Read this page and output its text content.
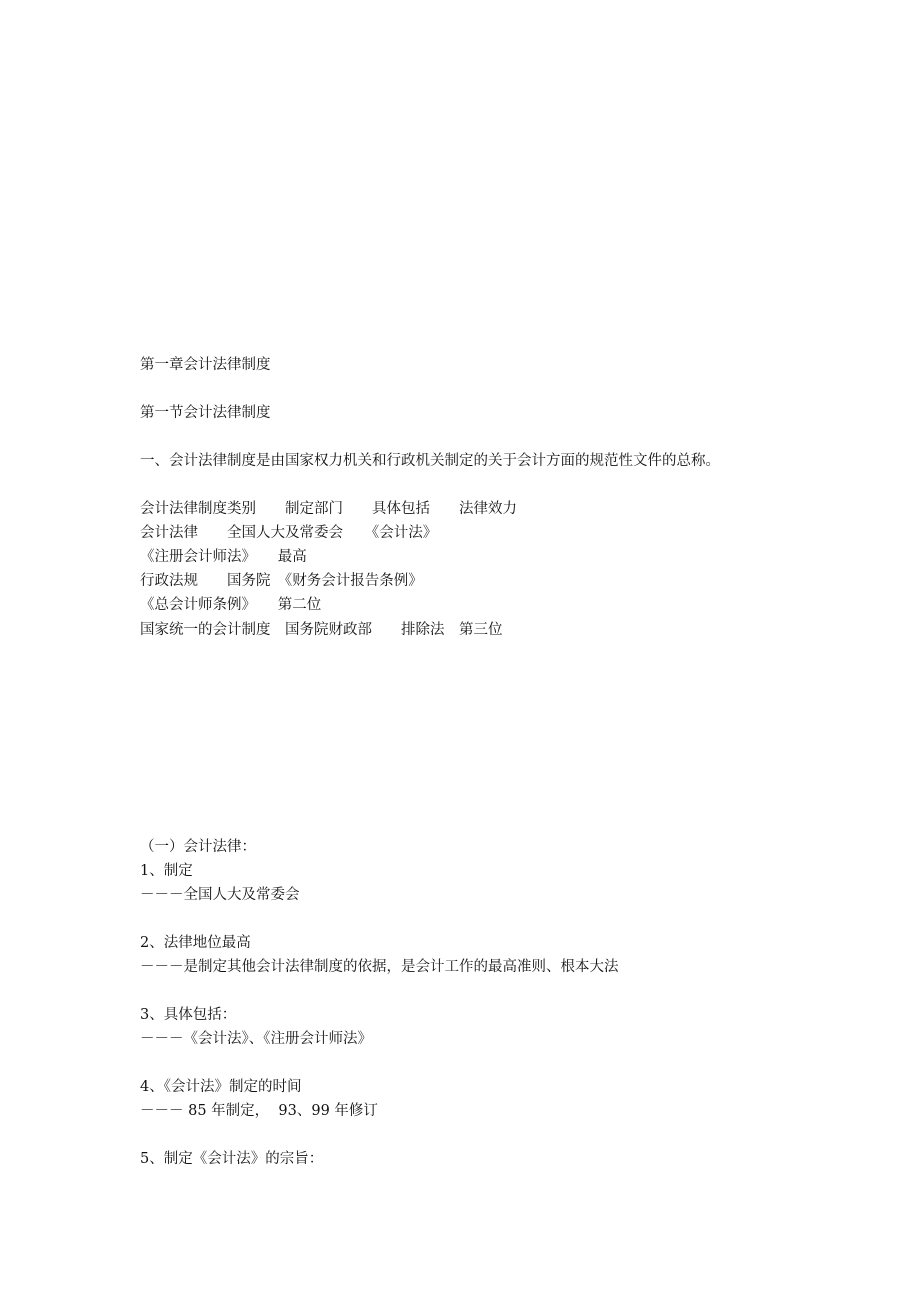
第一章会计法律制度

第一节会计法律制度

一、会计法律制度是由国家权力机关和行政机关制定的关于会计方面的规范性文件的总称。

会计法律制度类别　　制定部门　　具体包括　　法律效力

会计法律　　全国人大及常委会　　《会计法》

《注册会计师法》　　最高

行政法规　　国务院　《财务会计报告条例》

《总会计师条例》　　第二位

国家统一的会计制度　国务院财政部　　排除法　第三位

（一）会计法律：

1、制定

－－－全国人大及常委会

2、法律地位最高

－－－是制定其他会计法律制度的依据，是会计工作的最高准则、根本大法

3、具体包括：

－－－《会计法》、《注册会计师法》

4、《会计法》制定的时间

－－－ 85 年制定，  93、99 年修订

5、制定《会计法》的宗旨：
